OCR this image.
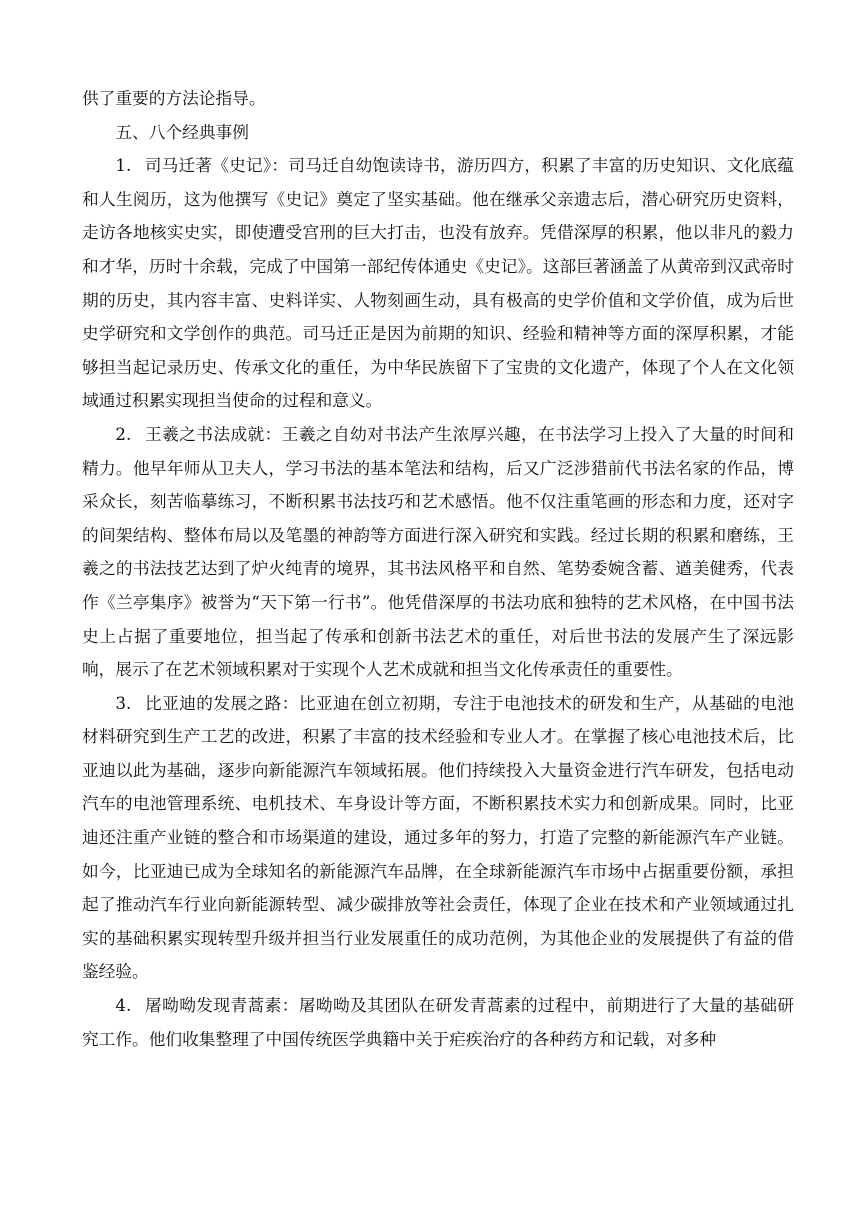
供了重要的方法论指导。

五、八个经典事例

1. 司马迁著《史记》：司马迁自幼饱读诗书，游历四方，积累了丰富的历史知识、文化底蕴和人生阅历，这为他撰写《史记》奠定了坚实基础。他在继承父亲遗志后，潜心研究历史资料，走访各地核实史实，即使遭受宫刑的巨大打击，也没有放弃。凭借深厚的积累，他以非凡的毅力和才华，历时十余载，完成了中国第一部纪传体通史《史记》。这部巨著涵盖了从黄帝到汉武帝时期的历史，其内容丰富、史料详实、人物刻画生动，具有极高的史学价值和文学价值，成为后世史学研究和文学创作的典范。司马迁正是因为前期的知识、经验和精神等方面的深厚积累，才能够担当起记录历史、传承文化的重任，为中华民族留下了宝贵的文化遗产，体现了个人在文化领域通过积累实现担当使命的过程和意义。

2. 王羲之书法成就：王羲之自幼对书法产生浓厚兴趣，在书法学习上投入了大量的时间和精力。他早年师从卫夫人，学习书法的基本笔法和结构，后又广泛涉猎前代书法名家的作品，博采众长，刻苦临摹练习，不断积累书法技巧和艺术感悟。他不仅注重笔画的形态和力度，还对字的间架结构、整体布局以及笔墨的神韵等方面进行深入研究和实践。经过长期的积累和磨练，王羲之的书法技艺达到了炉火纯青的境界，其书法风格平和自然、笔势委婉含蓄、遒美健秀，代表作《兰亭集序》被誉为“天下第一行书”。他凭借深厚的书法功底和独特的艺术风格，在中国书法史上占据了重要地位，担当起了传承和创新书法艺术的重任，对后世书法的发展产生了深远影响，展示了在艺术领域积累对于实现个人艺术成就和担当文化传承责任的重要性。

3. 比亚迪的发展之路：比亚迪在创立初期，专注于电池技术的研发和生产，从基础的电池材料研究到生产工艺的改进，积累了丰富的技术经验和专业人才。在掌握了核心电池技术后，比亚迪以此为基础，逐步向新能源汽车领域拓展。他们持续投入大量资金进行汽车研发，包括电动汽车的电池管理系统、电机技术、车身设计等方面，不断积累技术实力和创新成果。同时，比亚迪还注重产业链的整合和市场渠道的建设，通过多年的努力，打造了完整的新能源汽车产业链。如今，比亚迪已成为全球知名的新能源汽车品牌，在全球新能源汽车市场中占据重要份额，承担起了推动汽车行业向新能源转型、减少碳排放等社会责任，体现了企业在技术和产业领域通过扎实的基础积累实现转型升级并担当行业发展重任的成功范例，为其他企业的发展提供了有益的借鉴经验。

4. 屠呦呦发现青蒿素：屠呦呦及其团队在研发青蒿素的过程中，前期进行了大量的基础研究工作。他们收集整理了中国传统医学典籍中关于疟疾治疗的各种药方和记载，对多种
